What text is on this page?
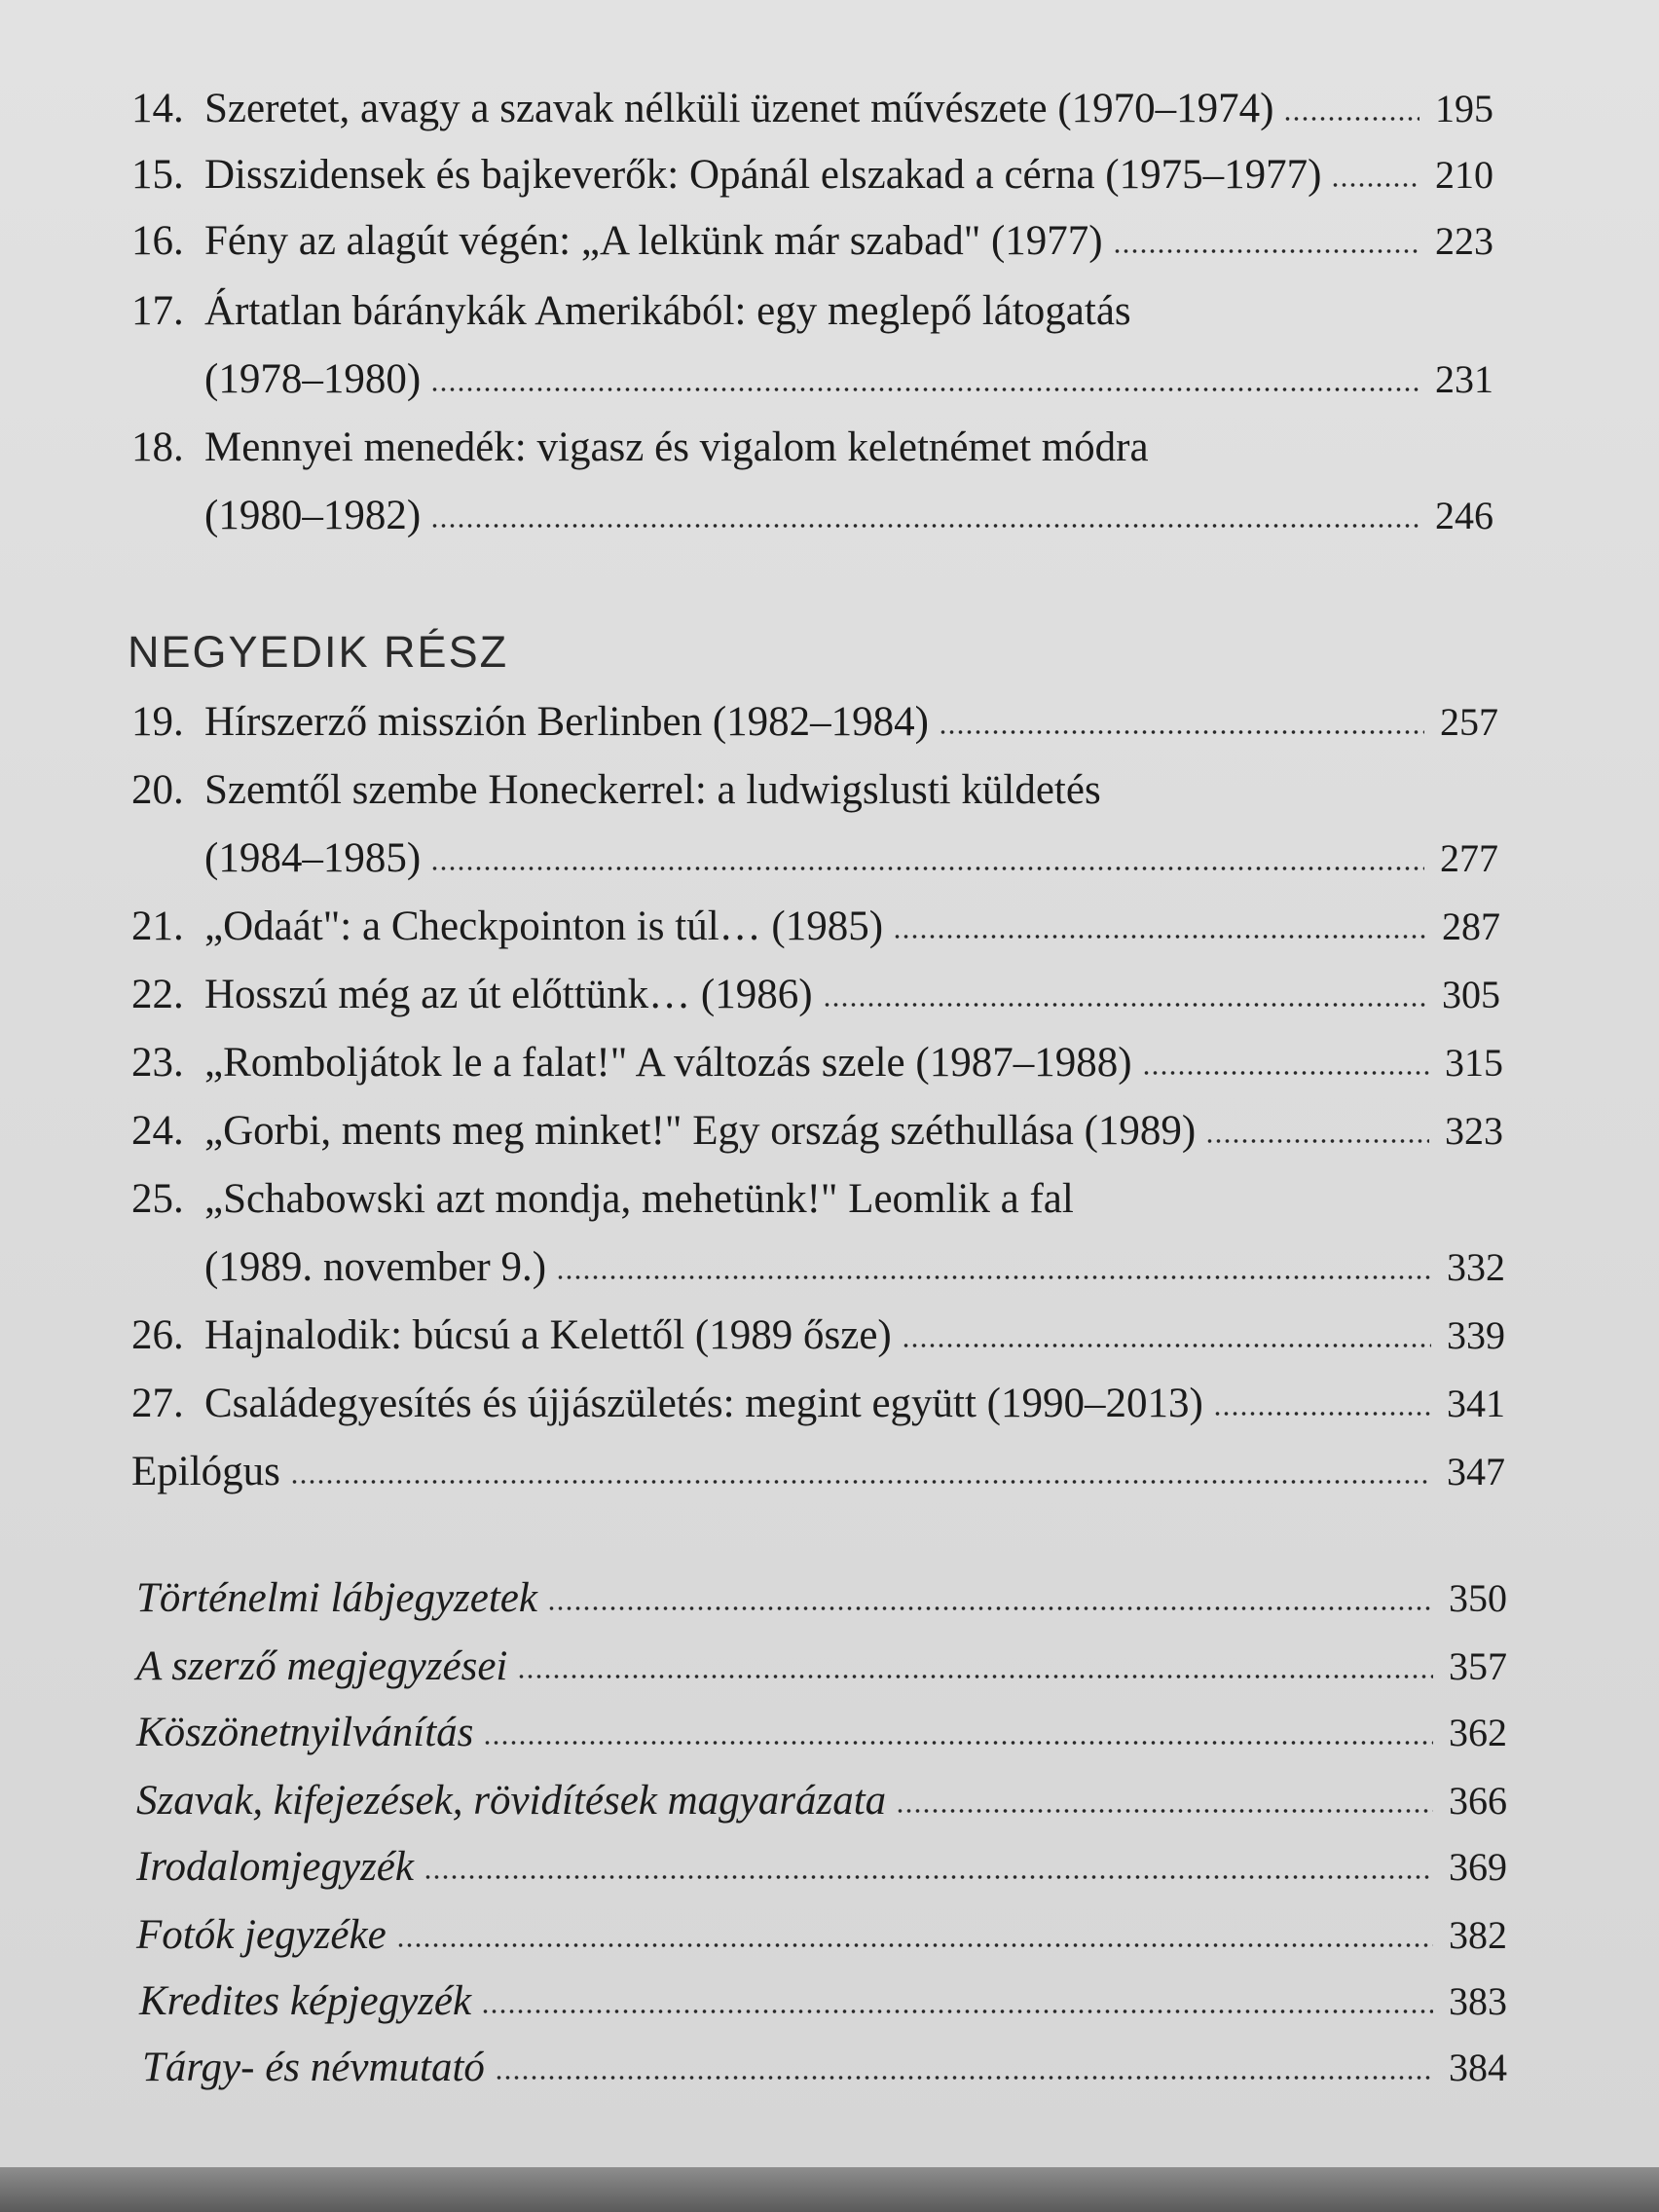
14. Szeretet, avagy a szavak nélküli üzenet művészete (1970–1974)	195
15. Disszidensek és bajkeverők: Opánál elszakad a cérna (1975–1977)	210
16. Fény az alagút végén: „A lelkünk már szabad" (1977)	223
17. Ártatlan báránykák Amerikából: egy meglepő látogatás
(1978–1980)	231
18. Mennyei menedék: vigasz és vigalom keletnémet módra
(1980–1982)	246
NEGYEDIK RÉSZ
19. Hírszerző misszión Berlinben (1982–1984)	257
20. Szemtől szembe Honeckerrel: a ludwigslusti küldetés
(1984–1985)	277
21. „Odaát": a Checkpointon is túl… (1985)	287
22. Hosszú még az út előttünk… (1986)	305
23. „Romboljátok le a falat!" A változás szele (1987–1988)	315
24. „Gorbi, ments meg minket!" Egy ország széthullása (1989)	323
25. „Schabowski azt mondja, mehetünk!" Leomlik a fal
(1989. november 9.)	332
26. Hajnalodik: búcsú a Kelettől (1989 ősze)	339
27. Családegyesítés és újjászületés: megint együtt (1990–2013)	341
Epilógus	347
Történelmi lábjegyzetek	350
A szerző megjegyzései	357
Köszönetnyilvánítás	362
Szavak, kifejezések, rövidítések magyarázata	366
Irodalomjegyzék	369
Fotók jegyzéke	382
Kredites képjegyzék	383
Tárgy- és névmutató	384
